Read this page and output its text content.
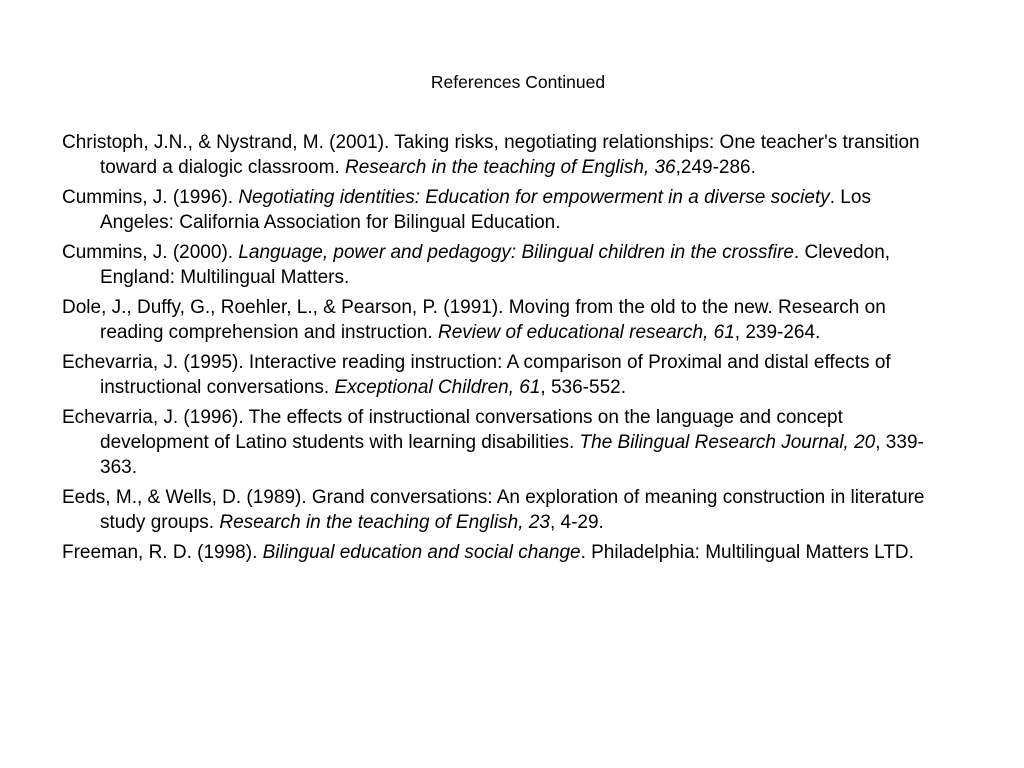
References Continued
Christoph, J.N., & Nystrand, M. (2001). Taking risks, negotiating relationships: One teacher's transition toward a dialogic classroom. Research in the teaching of English, 36,249-286.
Cummins, J. (1996). Negotiating identities: Education for empowerment in a diverse society. Los Angeles: California Association for Bilingual Education.
Cummins, J. (2000). Language, power and pedagogy: Bilingual children in the crossfire. Clevedon, England: Multilingual Matters.
Dole, J., Duffy, G., Roehler, L., & Pearson, P. (1991). Moving from the old to the new. Research on reading comprehension and instruction. Review of educational research, 61, 239-264.
Echevarria, J. (1995). Interactive reading instruction: A comparison of Proximal and distal effects of instructional conversations. Exceptional Children, 61, 536-552.
Echevarria, J. (1996). The effects of instructional conversations on the language and concept development of Latino students with learning disabilities. The Bilingual Research Journal, 20, 339-363.
Eeds, M., & Wells, D. (1989). Grand conversations: An exploration of meaning construction in literature study groups. Research in the teaching of English, 23, 4-29.
Freeman, R. D. (1998). Bilingual education and social change. Philadelphia: Multilingual Matters LTD.
